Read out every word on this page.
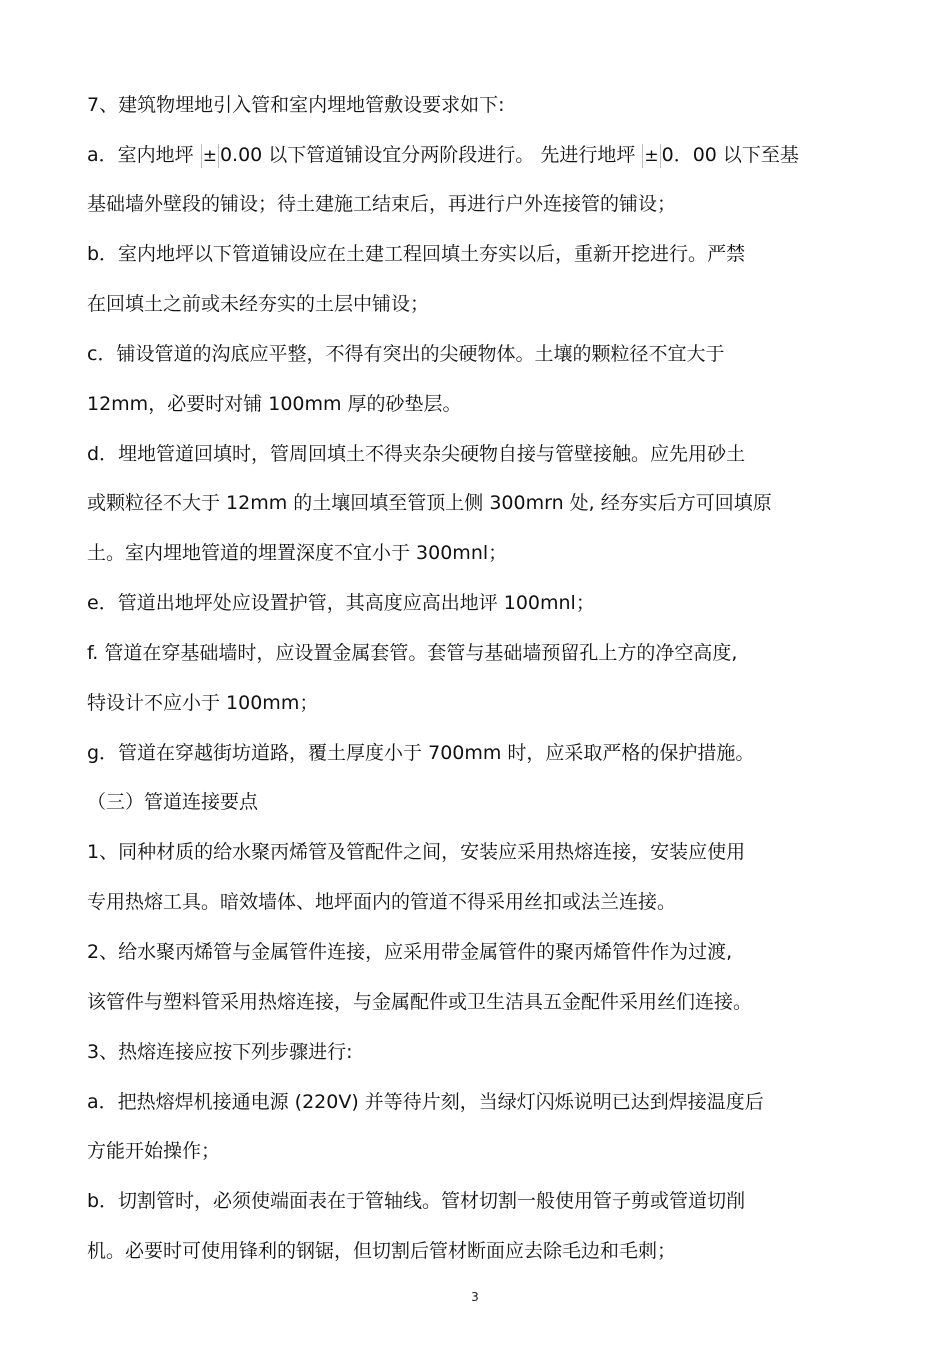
7、建筑物埋地引入管和室内埋地管敷设要求如下:
a．室内地坪 ± 0.00 以下管道铺设宜分两阶段进行。 先进行地坪 ± 0．00 以下至基
基础墙外壁段的铺设；待土建施工结束后，再进行户外连接管的铺设；
b．室内地坪以下管道铺设应在土建工程回填土夯实以后，重新开挖进行。严禁
在回填土之前或未经夯实的土层中铺设；
c．铺设管道的沟底应平整，不得有突出的尖硬物体。土壤的颗粒径不宜大于
12mm，必要时对铺 100mm 厚的砂垫层。
d．埋地管道回填时，管周回填土不得夹杂尖硬物自接与管壁接触。应先用砂土
或颗粒径不大于 12mm 的土壤回填至管顶上侧 300mrn 处, 经夯实后方可回填原
土。室内埋地管道的埋置深度不宜小于 300mnl；
e．管道出地坪处应设置护管，其高度应高出地评 100mnl；
f. 管道在穿基础墙时，应设置金属套管。套管与基础墙预留孔上方的净空高度,
特设计不应小于 100mm；
g．管道在穿越街坊道路，覆土厚度小于 700mm 时，应采取严格的保护措施。
（三）管道连接要点
1、同种材质的给水聚丙烯管及管配件之间，安装应采用热熔连接，安装应使用
专用热熔工具。暗效墙体、地坪面内的管道不得采用丝扣或法兰连接。
2、给水聚丙烯管与金属管件连接，应采用带金属管件的聚丙烯管件作为过渡,
该管件与塑料管采用热熔连接，与金属配件或卫生洁具五金配件采用丝们连接。
3、热熔连接应按下列步骤进行:
a．把热熔焊机接通电源 (220V) 并等待片刻，当绿灯闪烁说明已达到焊接温度后
方能开始操作；
b．切割管时，必须使端面表在于管轴线。管材切割一般使用管子剪或管道切削
机。必要时可使用锋利的钢锯，但切割后管材断面应去除毛边和毛刺；
3
